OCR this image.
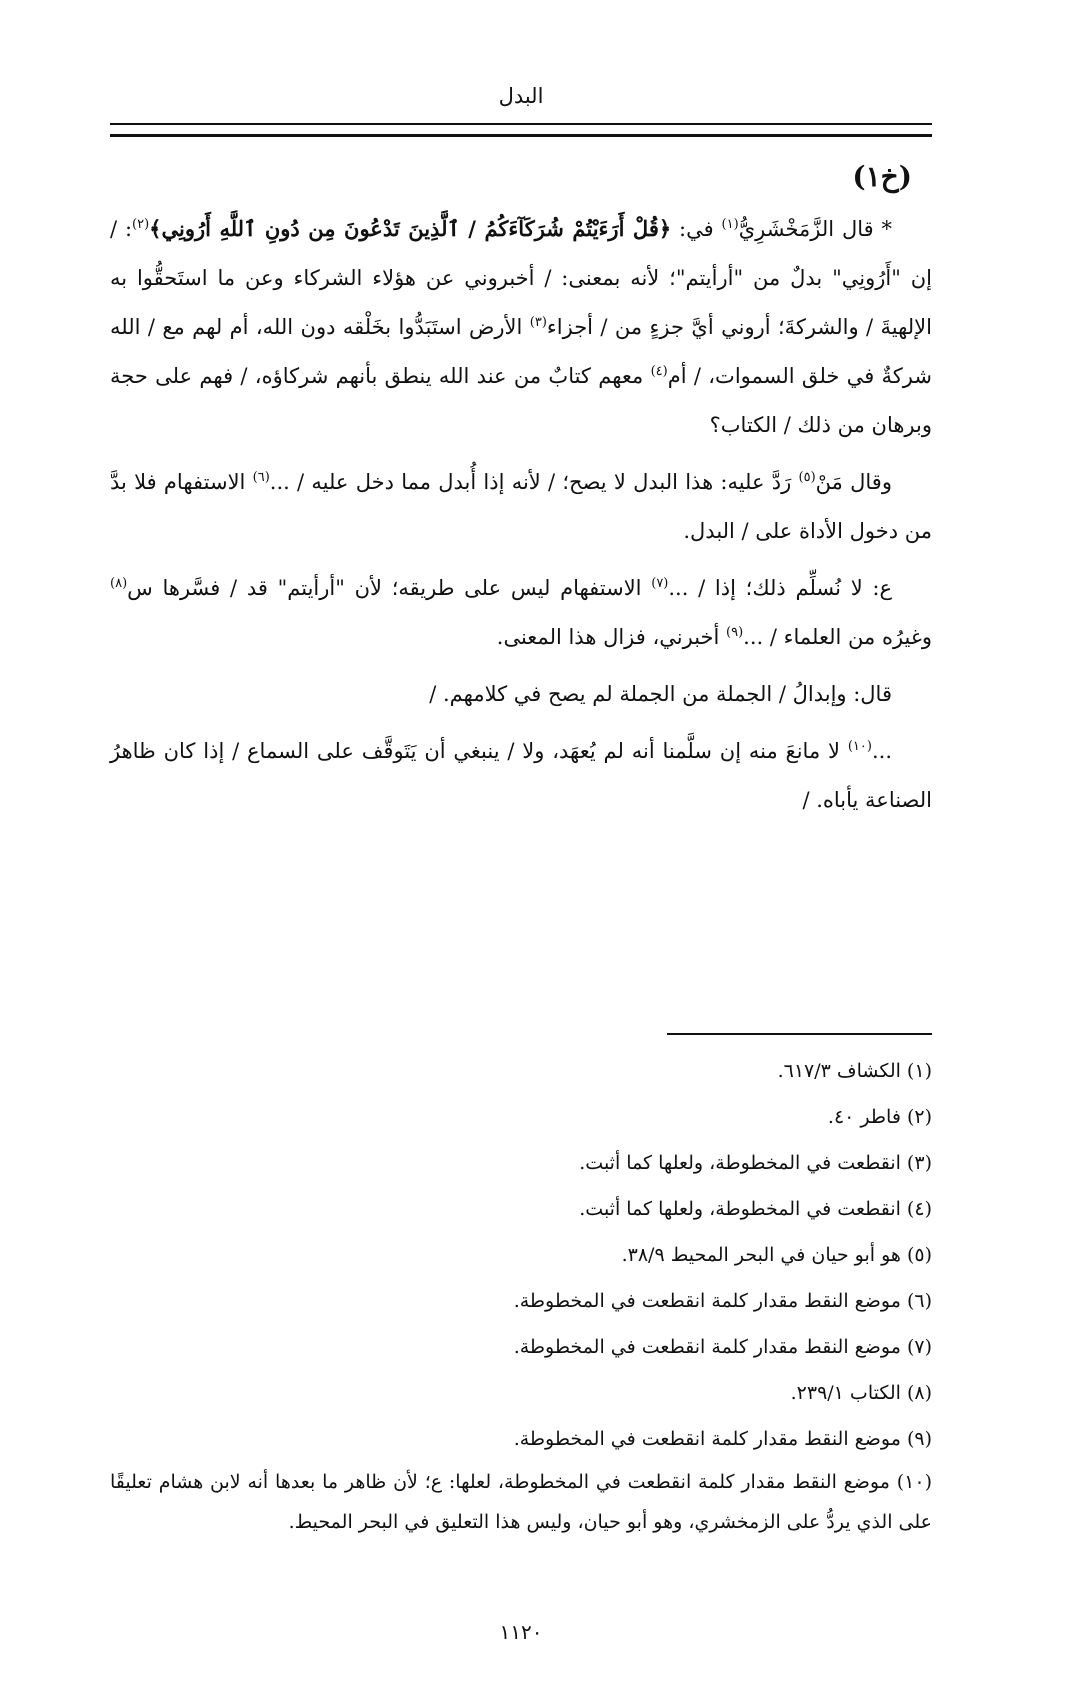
البدل
(خ١)

* قال الزَّمَخْشَرِيُّ$^{(١)}$ في: ﴿قُلْ أَرَءَيْتُمْ شُرَكَآءَكُمُ / ٱلَّذِينَ تَدْعُونَ مِن دُونِ ٱللَّهِ أَرُونِي﴾$^{(٢)}$: / إن "أَرُونِي" بدلٌ من "أرأيتم"؛ لأنه بمعنى: / أخبروني عن هؤلاء الشركاء وعن ما استَحقُّوا به الإلهيةَ / والشركةَ؛ أروني أيَّ جزءٍ من / أجزاء$^{(٣)}$ الأرض استَبَدُّوا بخَلْقه دون الله، أم لهم مع / الله شركةٌ في خلق السموات، / أم$^{(٤)}$ معهم كتابٌ من عند الله ينطق بأنهم شركاؤه، / فهم على حجة وبرهان من ذلك / الكتاب؟

وقال مَنْ$^{(٥)}$ رَدَّ عليه: هذا البدل لا يصح؛ / لأنه إذا أُبدل مما دخل عليه / ...$^{(٦)}$ الاستفهام فلا بدَّ من دخول الأداة على / البدل.

ع: لا نُسلِّم ذلك؛ إذا / ...$^{(٧)}$ الاستفهام ليس على طريقه؛ لأن "أرأيتم" قد / فسَّرها س$^{(٨)}$ وغيرُه من العلماء / ...$^{(٩)}$ أخبرني، فزال هذا المعنى.

قال: وإبدالُ / الجملة من الجملة لم يصح في كلامهم. /

...$^{(١٠)}$ لا مانعَ منه إن سلَّمنا أنه لم يُعهَد، ولا / ينبغي أن يَتَوقَّف على السماع / إذا كان ظاهرُ الصناعة يأباه. /

(١) الكشاف ٦١٧/٣.

(٢) فاطر ٤٠.

(٣) انقطعت في المخطوطة، ولعلها كما أثبت.

(٤) انقطعت في المخطوطة، ولعلها كما أثبت.

(٥) هو أبو حيان في البحر المحيط ٣٨/٩.

(٦) موضع النقط مقدار كلمة انقطعت في المخطوطة.

(٧) موضع النقط مقدار كلمة انقطعت في المخطوطة.

(٨) الكتاب ٢٣٩/١.

(٩) موضع النقط مقدار كلمة انقطعت في المخطوطة.

(١٠) موضع النقط مقدار كلمة انقطعت في المخطوطة، لعلها: ع؛ لأن ظاهر ما بعدها أنه لابن هشام تعليقًا على الذي يردُّ على الزمخشري، وهو أبو حيان، وليس هذا التعليق في البحر المحيط.

١١٢٠
